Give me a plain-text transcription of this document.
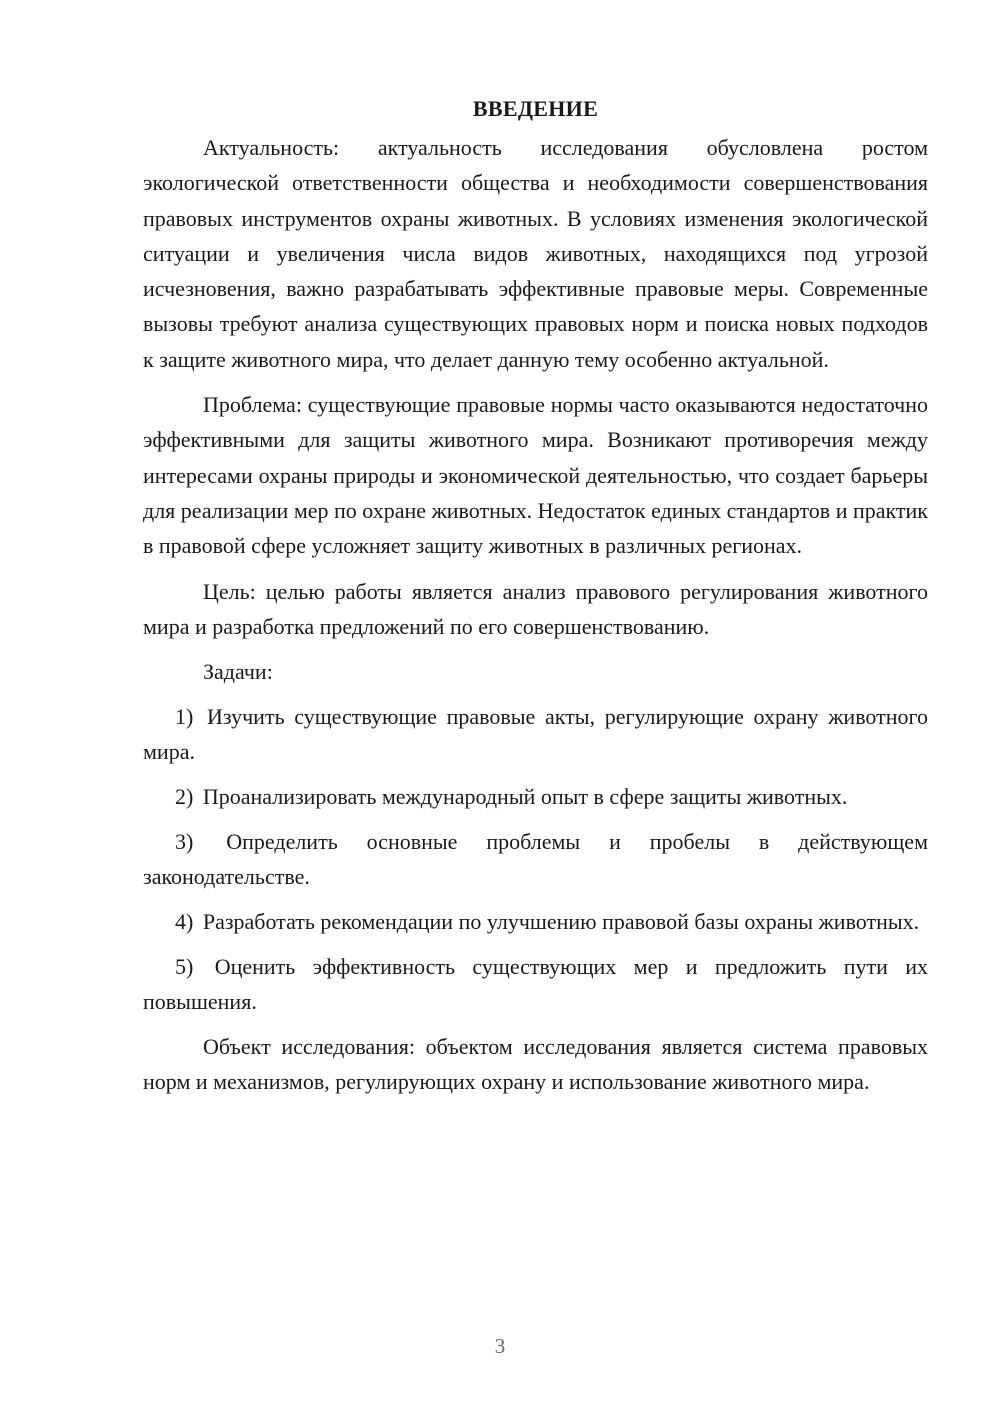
ВВЕДЕНИЕ

Актуальность: актуальность исследования обусловлена ростом экологической ответственности общества и необходимости совершенствования правовых инструментов охраны животных. В условиях изменения экологической ситуации и увеличения числа видов животных, находящихся под угрозой исчезновения, важно разрабатывать эффективные правовые меры. Современные вызовы требуют анализа существующих правовых норм и поиска новых подходов к защите животного мира, что делает данную тему особенно актуальной.

Проблема: существующие правовые нормы часто оказываются недостаточно эффективными для защиты животного мира. Возникают противоречия между интересами охраны природы и экономической деятельностью, что создает барьеры для реализации мер по охране животных. Недостаток единых стандартов и практик в правовой сфере усложняет защиту животных в различных регионах.

Цель: целью работы является анализ правового регулирования животного мира и разработка предложений по его совершенствованию.

Задачи:

1) Изучить существующие правовые акты, регулирующие охрану животного мира.

2) Проанализировать международный опыт в сфере защиты животных.

3) Определить основные проблемы и пробелы в действующем законодательстве.

4) Разработать рекомендации по улучшению правовой базы охраны животных.

5) Оценить эффективность существующих мер и предложить пути их повышения.

Объект исследования: объектом исследования является система правовых норм и механизмов, регулирующих охрану и использование животного мира.

3
